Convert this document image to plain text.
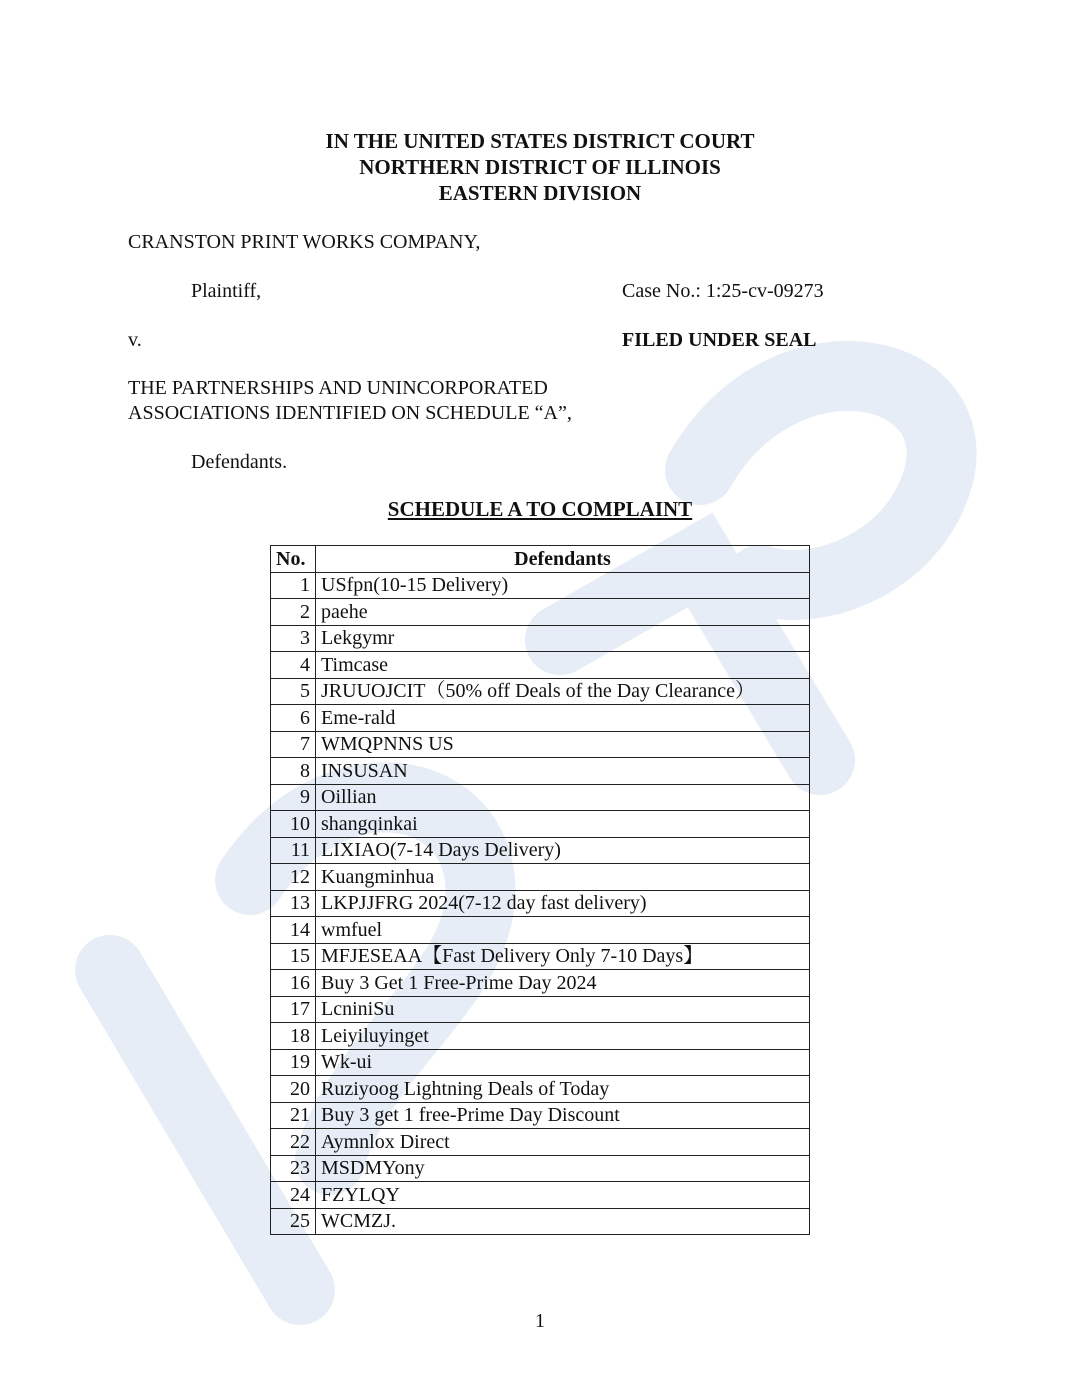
IN THE UNITED STATES DISTRICT COURT
NORTHERN DISTRICT OF ILLINOIS
EASTERN DIVISION
CRANSTON PRINT WORKS COMPANY,
Plaintiff,	Case No.: 1:25-cv-09273
v.	FILED UNDER SEAL
THE PARTNERSHIPS AND UNINCORPORATED
ASSOCIATIONS IDENTIFIED ON SCHEDULE “A”,
Defendants.
SCHEDULE A TO COMPLAINT
No.	Defendants
1	USfpn(10-15 Delivery)
2	paehe
3	Lekgymr
4	Timcase
5	JRUUOJCIT（50% off Deals of the Day Clearance）
6	Eme-rald
7	WMQPNNS US
8	INSUSAN
9	Oillian
10	shangqinkai
11	LIXIAO(7-14 Days Delivery)
12	Kuangminhua
13	LKPJJFRG 2024(7-12 day fast delivery)
14	wmfuel
15	MFJESEAA【Fast Delivery Only 7-10 Days】
16	Buy 3 Get 1 Free-Prime Day 2024
17	LcniniSu
18	Leiyiluyinget
19	Wk-ui
20	Ruziyoog Lightning Deals of Today
21	Buy 3 get 1 free-Prime Day Discount
22	Aymnlox Direct
23	MSDMYony
24	FZYLQY
25	WCMZJ.
1
